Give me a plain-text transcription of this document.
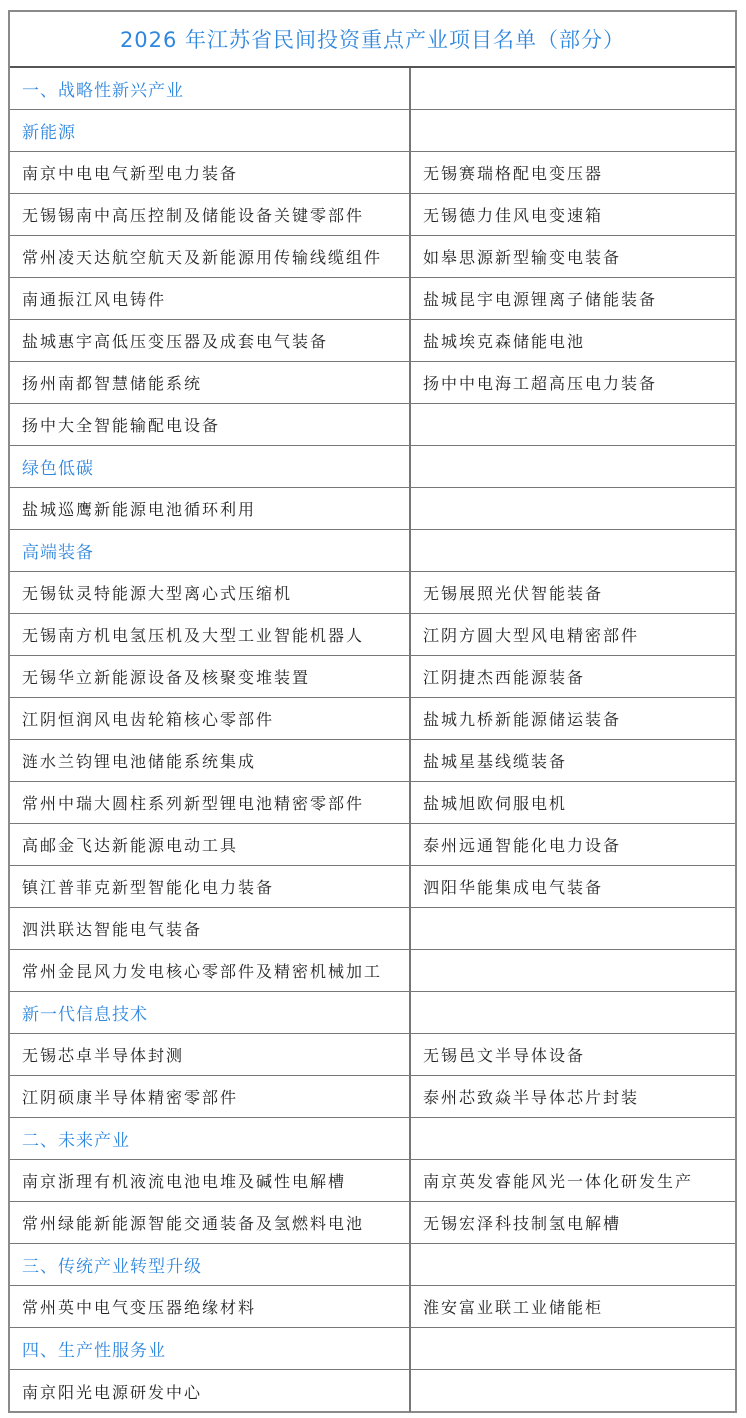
2026 年江苏省民间投资重点产业项目名单（部分）
一、战略性新兴产业
新能源
南京中电电气新型电力装备	无锡赛瑞格配电变压器
无锡锡南中高压控制及储能设备关键零部件	无锡德力佳风电变速箱
常州凌天达航空航天及新能源用传输线缆组件	如皋思源新型输变电装备
南通振江风电铸件	盐城昆宇电源锂离子储能装备
盐城惠宇高低压变压器及成套电气装备	盐城埃克森储能电池
扬州南都智慧储能系统	扬中中电海工超高压电力装备
扬中大全智能输配电设备
绿色低碳
盐城巡鹰新能源电池循环利用
高端装备
无锡钛灵特能源大型离心式压缩机	无锡展照光伏智能装备
无锡南方机电氢压机及大型工业智能机器人	江阴方圆大型风电精密部件
无锡华立新能源设备及核聚变堆装置	江阴捷杰西能源装备
江阴恒润风电齿轮箱核心零部件	盐城九桥新能源储运装备
涟水兰钧锂电池储能系统集成	盐城星基线缆装备
常州中瑞大圆柱系列新型锂电池精密零部件	盐城旭欧伺服电机
高邮金飞达新能源电动工具	泰州远通智能化电力设备
镇江普菲克新型智能化电力装备	泗阳华能集成电气装备
泗洪联达智能电气装备
常州金昆风力发电核心零部件及精密机械加工
新一代信息技术
无锡芯卓半导体封测	无锡邑文半导体设备
江阴硕康半导体精密零部件	泰州芯致焱半导体芯片封装
二、未来产业
南京浙理有机液流电池电堆及碱性电解槽	南京英发睿能风光一体化研发生产
常州绿能新能源智能交通装备及氢燃料电池	无锡宏泽科技制氢电解槽
三、传统产业转型升级
常州英中电气变压器绝缘材料	淮安富业联工业储能柜
四、生产性服务业
南京阳光电源研发中心
